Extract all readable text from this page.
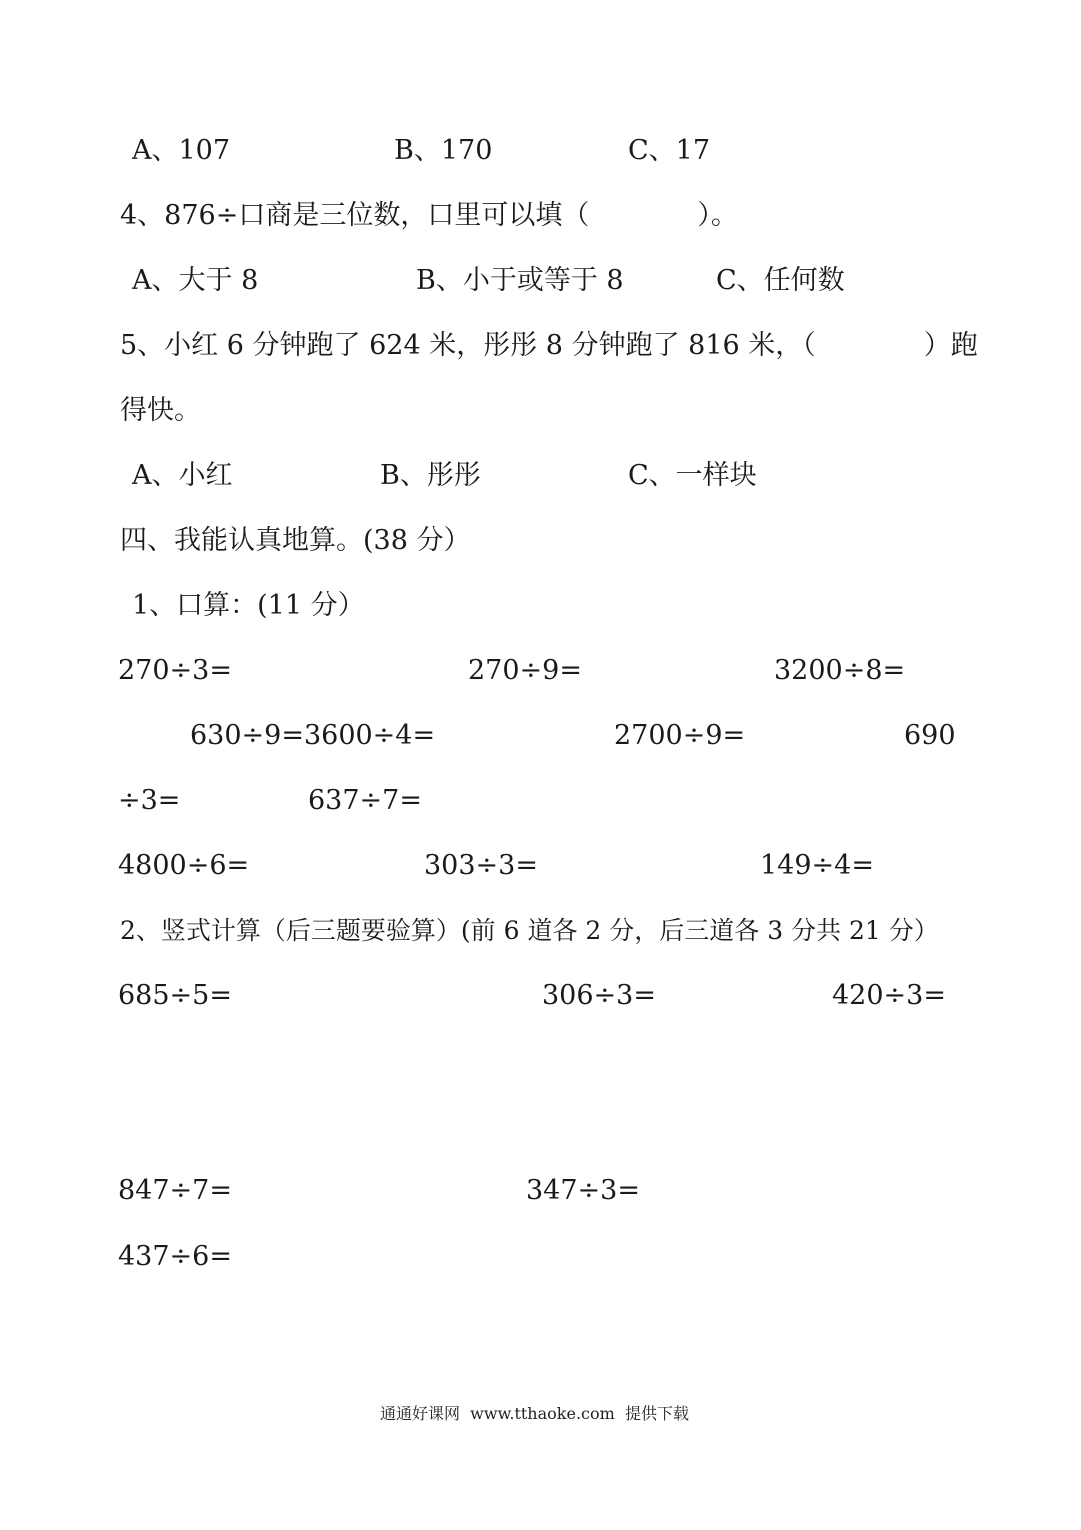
A、107	B、170	C、17
4、876÷口商是三位数，口里可以填（　　　　）。
A、大于 8	B、小于或等于 8	C、任何数
5、小红 6 分钟跑了 624 米，彤彤 8 分钟跑了 816 米，（　　　　）跑
得快。
A、小红	B、彤彤	C、一样块
四、我能认真地算。(38 分）
1、口算：(11 分）
270÷3=	270÷9=	3200÷8=
630÷9=3600÷4=	2700÷9=	690
÷3=	637÷7=
4800÷6=	303÷3=	149÷4=
2、竖式计算（后三题要验算）(前 6 道各 2 分，后三道各 3 分共 21 分）
685÷5=	306÷3=	420÷3=
847÷7=	347÷3=
437÷6=
通通好课网  www.tthaoke.com  提供下载
